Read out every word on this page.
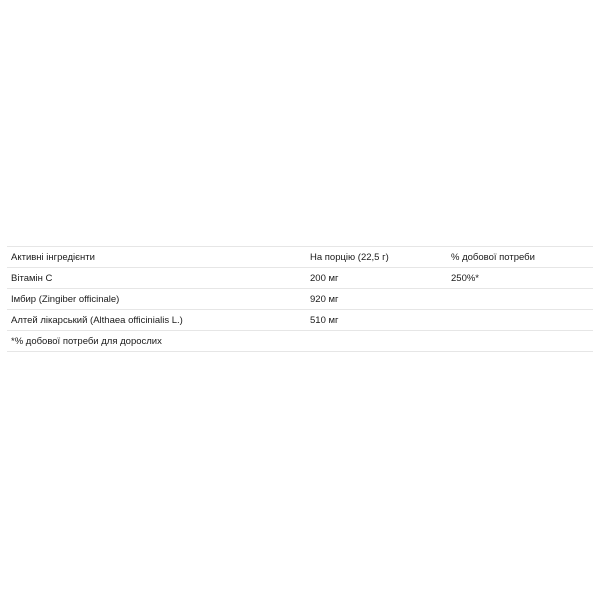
Активні інгредієнти	На порцію (22,5 г)	% добової потреби
Вітамін С	200 мг	250%*
Імбир (Zingiber officinale)	920 мг
Алтей лікарський (Althaea officinialis L.)	510 мг
*% добової потреби для дорослих
